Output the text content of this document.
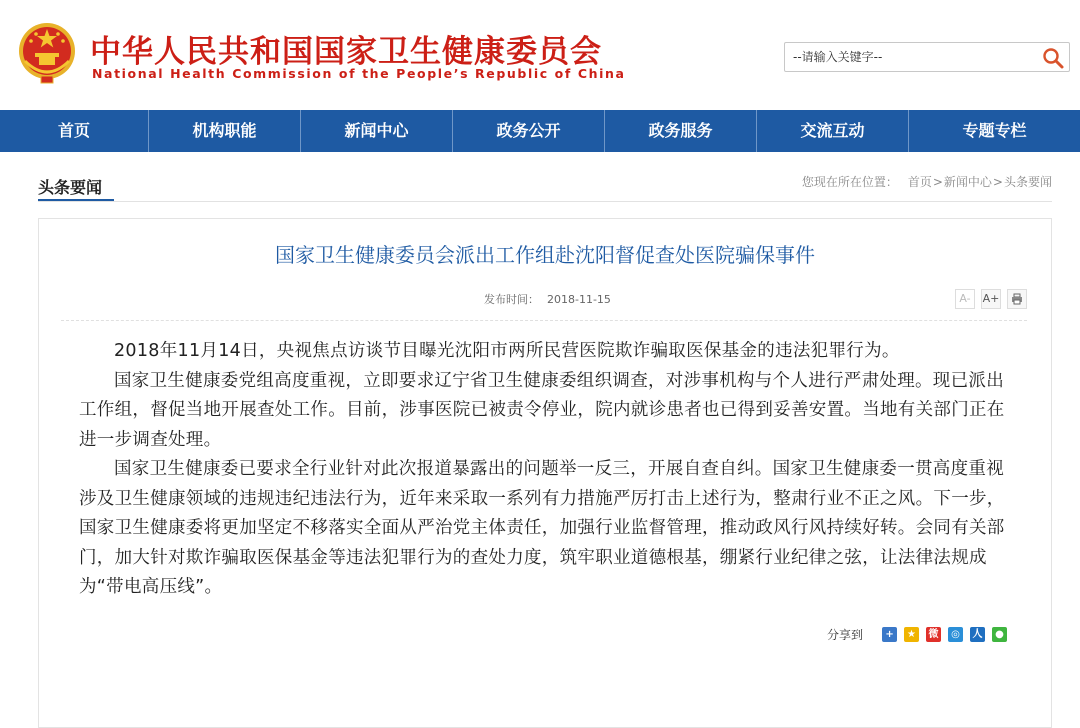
中华人民共和国国家卫生健康委员会
National Health Commission of the People’s Republic of China
--请输入关键字--
首页	机构职能	新闻中心	政务公开	政务服务	交流互动	专题专栏
头条要闻	您现在所在位置： 首页>新闻中心>头条要闻
国家卫生健康委员会派出工作组赴沈阳督促查处医院骗保事件
发布时间： 2018-11-15	A-	A+

2018年11月14日，央视焦点访谈节目曝光沈阳市两所民营医院欺诈骗取医保基金的违法犯罪行为。

国家卫生健康委党组高度重视，立即要求辽宁省卫生健康委组织调查，对涉事机构与个人进行严肃处理。现已派出工作组，督促当地开展查处工作。目前，涉事医院已被责令停业，院内就诊患者也已得到妥善安置。当地有关部门正在进一步调查处理。

国家卫生健康委已要求全行业针对此次报道暴露出的问题举一反三，开展自查自纠。国家卫生健康委一贯高度重视涉及卫生健康领域的违规违纪违法行为，近年来采取一系列有力措施严厉打击上述行为，整肃行业不正之风。下一步，国家卫生健康委将更加坚定不移落实全面从严治党主体责任，加强行业监督管理，推动政风行风持续好转。会同有关部门，加大针对欺诈骗取医保基金等违法犯罪行为的查处力度，筑牢职业道德根基，绷紧行业纪律之弦，让法律法规成为“带电高压线”。

分享到	+	★	微	◎	人	●
